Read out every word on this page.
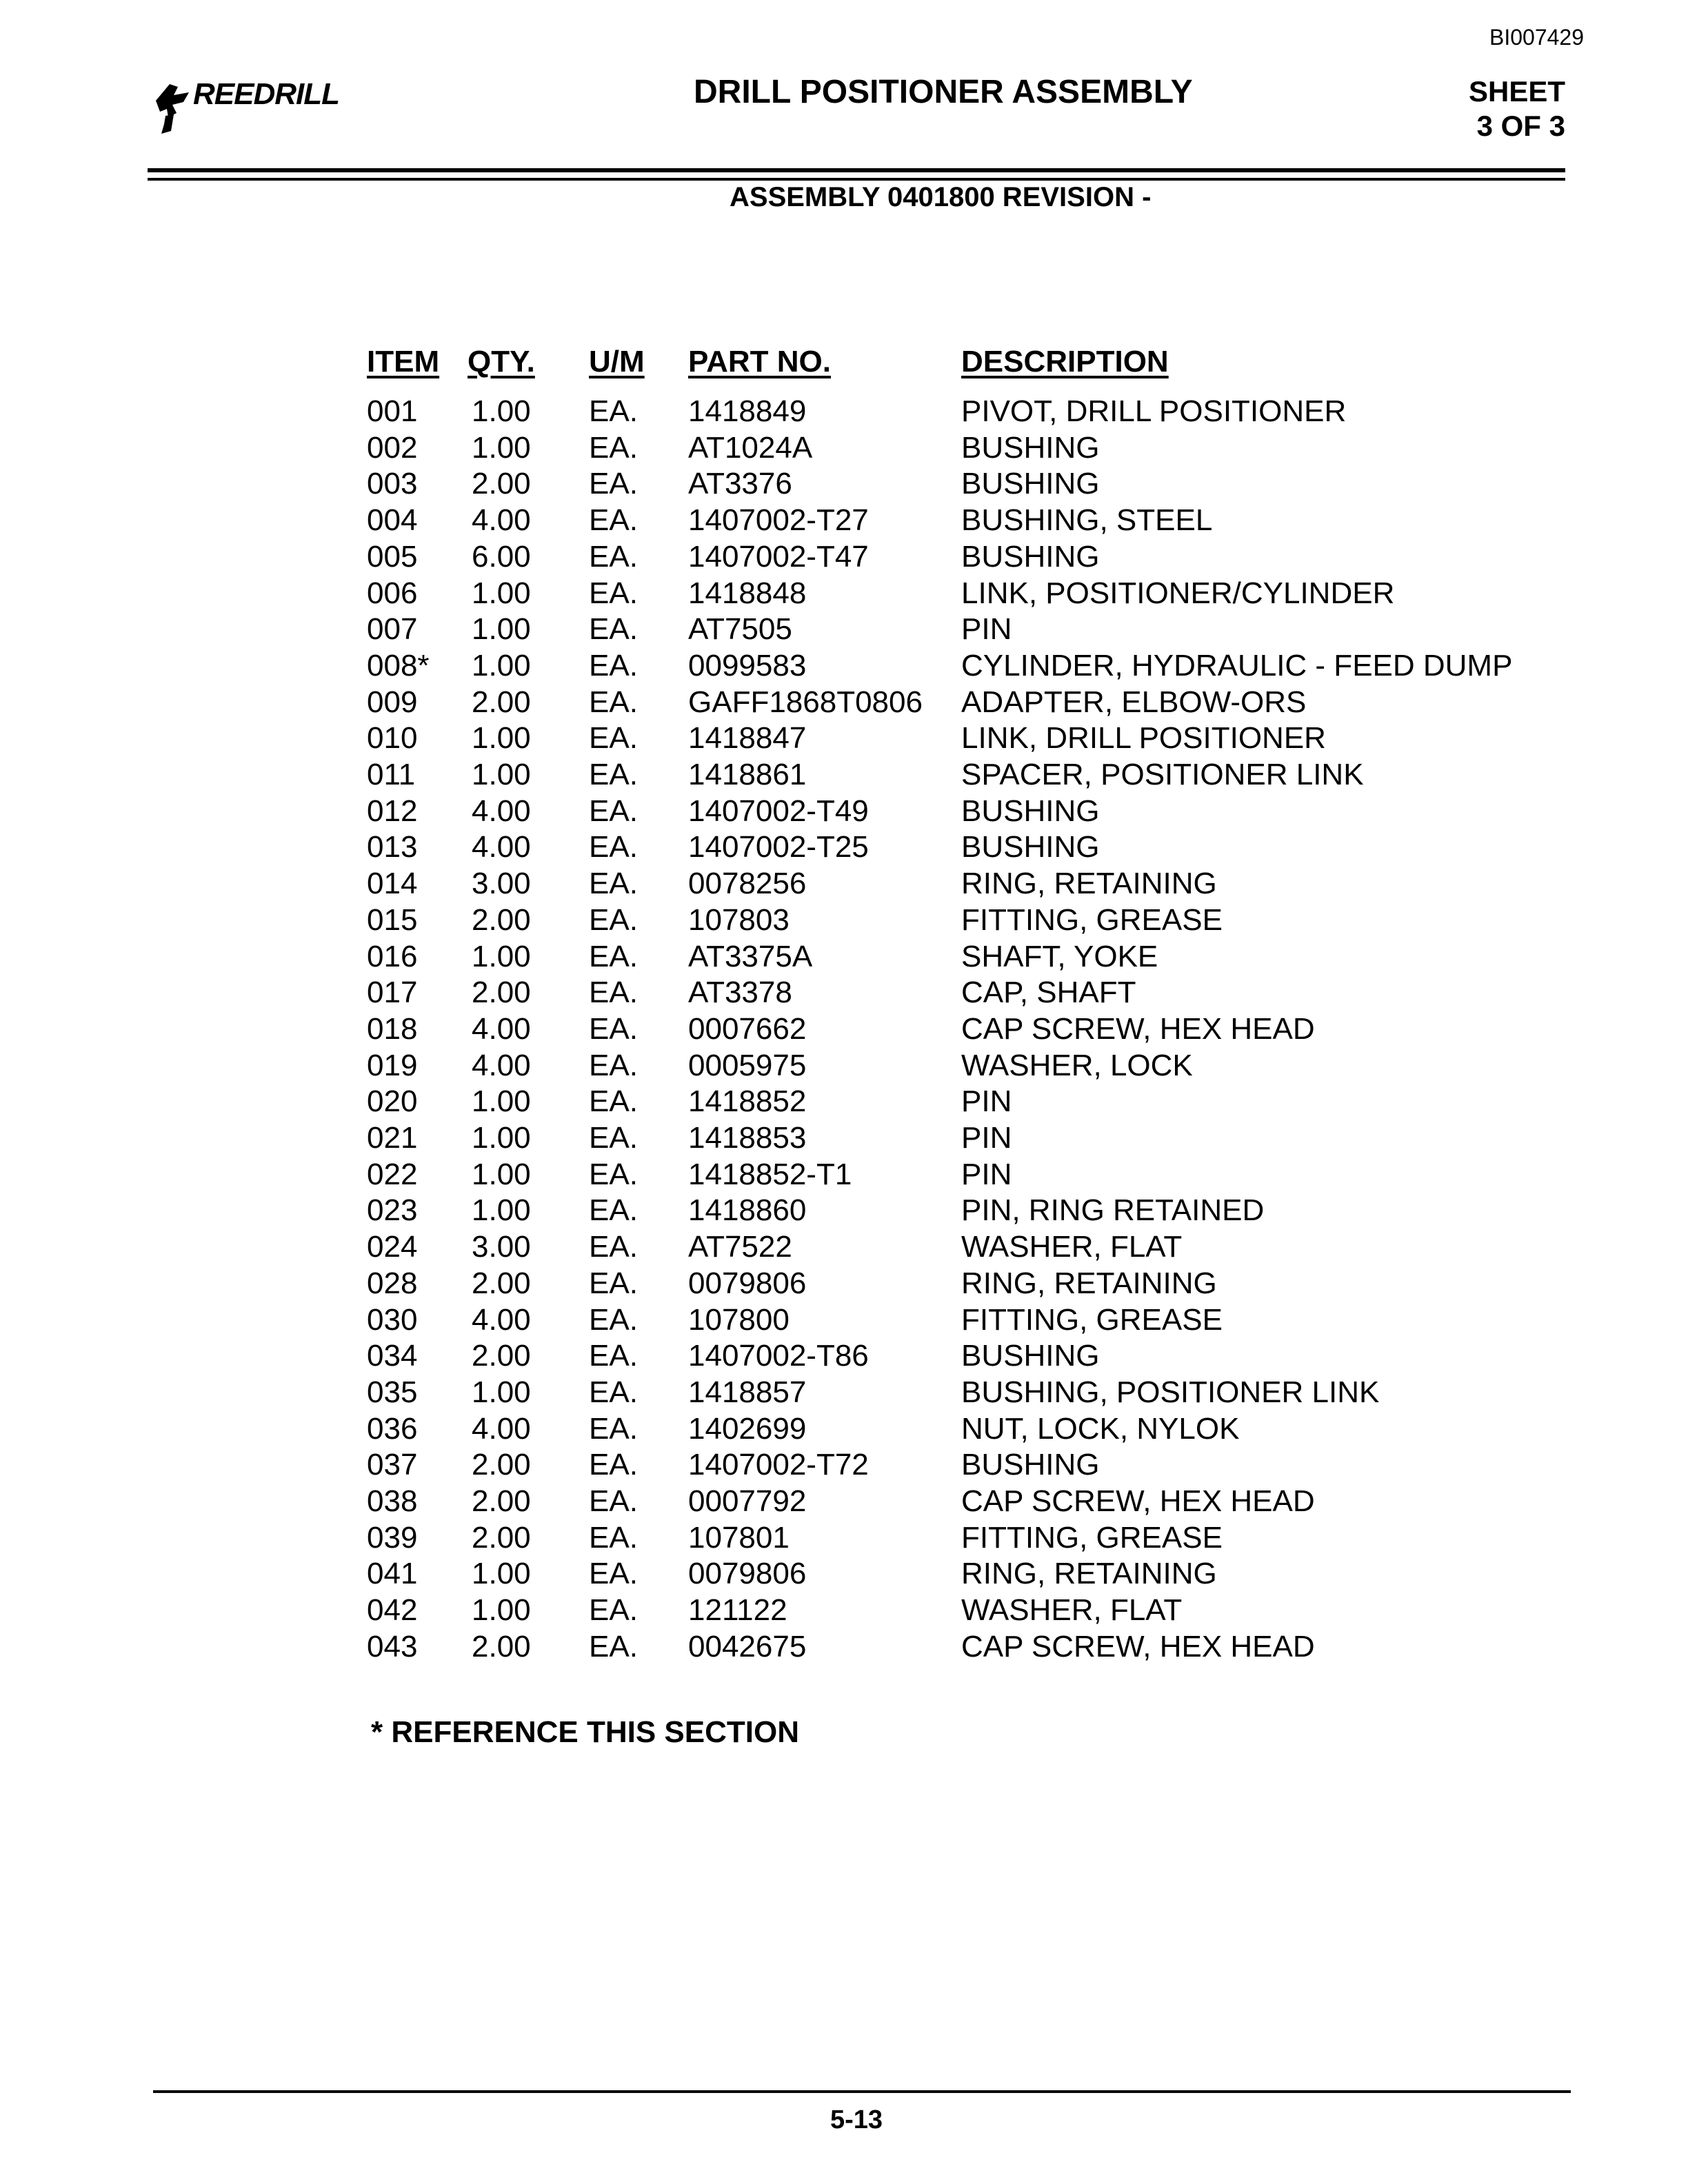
BI007429
REEDRILL	DRILL POSITIONER ASSEMBLY	SHEET
3 OF 3
ASSEMBLY 0401800 REVISION -
ITEM QTY. U/M PART NO.	DESCRIPTION
001 1.00 EA. 1418849	PIVOT, DRILL POSITIONER
002 1.00 EA. AT1024A	BUSHING
003 2.00 EA. AT3376	BUSHING
004 4.00 EA. 1407002-T27	BUSHING, STEEL
005 6.00 EA. 1407002-T47	BUSHING
006 1.00 EA. 1418848	LINK, POSITIONER/CYLINDER
007 1.00 EA. AT7505	PIN
008* 1.00 EA. 0099583	CYLINDER, HYDRAULIC - FEED DUMP
009 2.00 EA. GAFF1868T0806 ADAPTER, ELBOW-ORS
010 1.00 EA. 1418847	LINK, DRILL POSITIONER
011 1.00 EA. 1418861	SPACER, POSITIONER LINK
012 4.00 EA. 1407002-T49	BUSHING
013 4.00 EA. 1407002-T25	BUSHING
014 3.00 EA. 0078256	RING, RETAINING
015 2.00 EA. 107803	FITTING, GREASE
016 1.00 EA. AT3375A	SHAFT, YOKE
017 2.00 EA. AT3378	CAP, SHAFT
018 4.00 EA. 0007662	CAP SCREW, HEX HEAD
019 4.00 EA. 0005975	WASHER, LOCK
020 1.00 EA. 1418852	PIN
021 1.00 EA. 1418853	PIN
022 1.00 EA. 1418852-T1	PIN
023 1.00 EA. 1418860	PIN, RING RETAINED
024 3.00 EA. AT7522	WASHER, FLAT
028 2.00 EA. 0079806	RING, RETAINING
030 4.00 EA. 107800	FITTING, GREASE
034 2.00 EA. 1407002-T86	BUSHING
035 1.00 EA. 1418857	BUSHING, POSITIONER LINK
036 4.00 EA. 1402699	NUT, LOCK, NYLOK
037 2.00 EA. 1407002-T72	BUSHING
038 2.00 EA. 0007792	CAP SCREW, HEX HEAD
039 2.00 EA. 107801	FITTING, GREASE
041 1.00 EA. 0079806	RING, RETAINING
042 1.00 EA. 121122	WASHER, FLAT
043 2.00 EA. 0042675	CAP SCREW, HEX HEAD
* REFERENCE THIS SECTION
5-13
